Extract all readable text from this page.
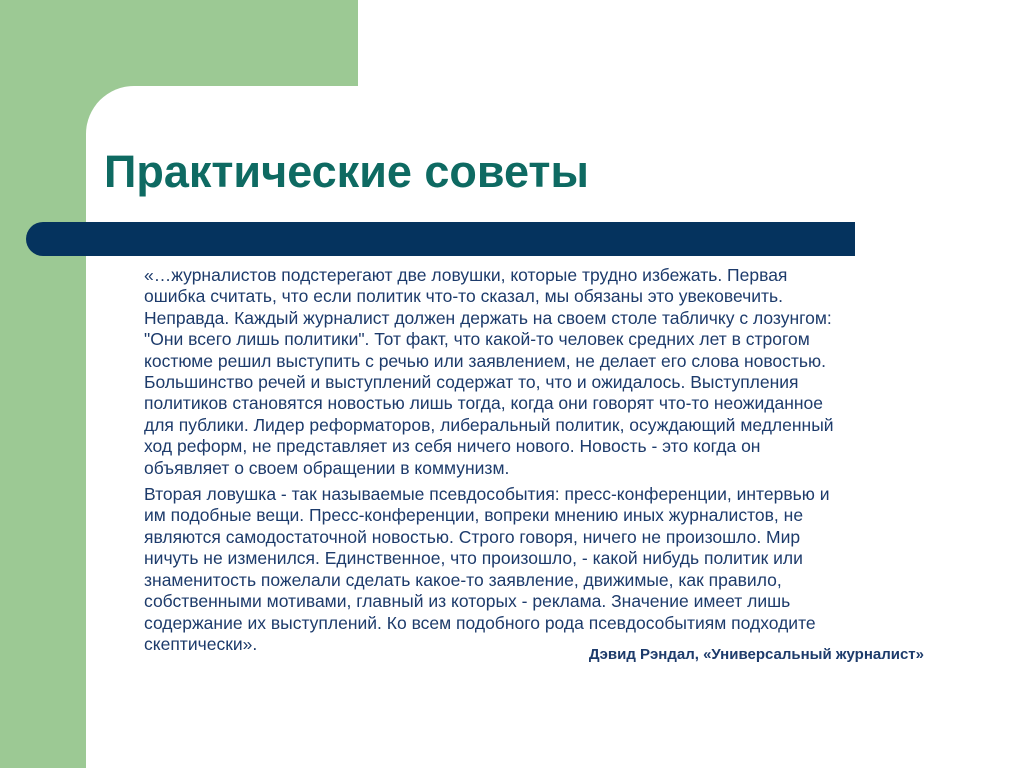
Практические советы

«…журналистов подстерегают две ловушки, которые трудно избежать. Первая

ошибка считать, что если политик что-то сказал, мы обязаны это увековечить.

Неправда. Каждый журналист должен держать на своем столе табличку с лозунгом:

"Они всего лишь политики". Тот факт, что какой-то человек средних лет в строгом

костюме решил выступить с речью или заявлением, не делает его слова новостью.

Большинство речей и выступлений содержат то, что и ожидалось. Выступления

политиков становятся новостью лишь тогда, когда они говорят что-то неожиданное

для публики. Лидер реформаторов, либеральный политик, осуждающий медленный

ход реформ, не представляет из себя ничего нового. Новость - это когда он

объявляет о своем обращении в коммунизм.

Вторая ловушка - так называемые псевдособытия: пресс-конференции, интервью и

им подобные вещи. Пресс-конференции, вопреки мнению иных журналистов, не

являются самодостаточной новостью. Строго говоря, ничего не произошло. Мир

ничуть не изменился. Единственное, что произошло, - какой нибудь политик или

знаменитость пожелали сделать какое-то заявление, движимые, как правило,

собственными мотивами, главный из которых - реклама. Значение имеет лишь

содержание их выступлений. Ко всем подобного рода псевдособытиям подходите

скептически».

Дэвид Рэндал, «Универсальный журналист»
